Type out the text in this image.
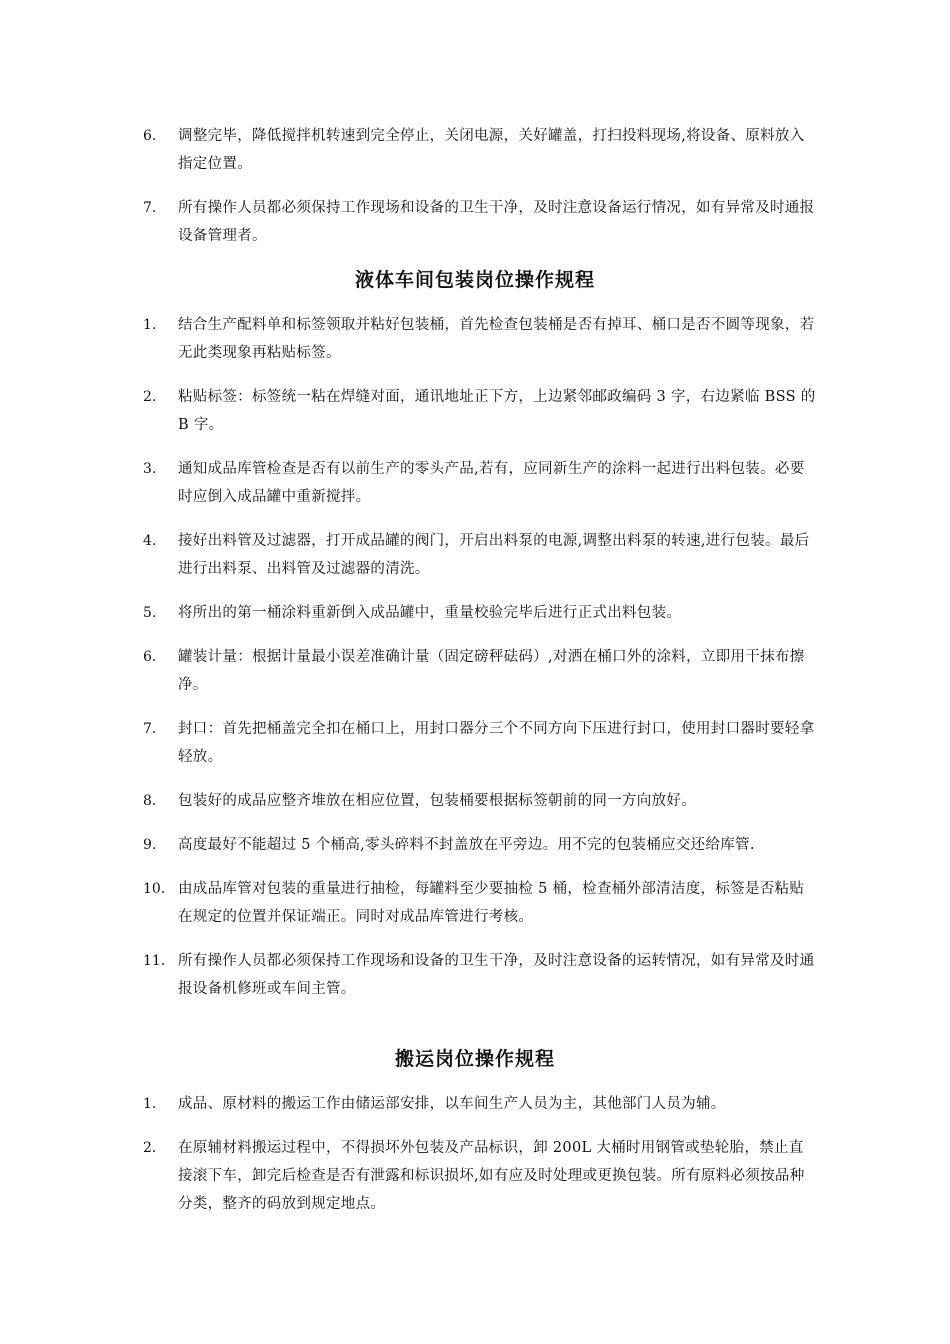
6. 调整完毕，降低搅拌机转速到完全停止，关闭电源，关好罐盖，打扫投料现场,将设备、原料放入指定位置。
7. 所有操作人员都必须保持工作现场和设备的卫生干净，及时注意设备运行情况，如有异常及时通报设备管理者。
液体车间包装岗位操作规程
1. 结合生产配料单和标签领取并粘好包装桶，首先检查包装桶是否有掉耳、桶口是否不圆等现象，若无此类现象再粘贴标签。
2. 粘贴标签：标签统一粘在焊缝对面，通讯地址正下方，上边紧邻邮政编码 3 字，右边紧临 BSS 的 B 字。
3. 通知成品库管检查是否有以前生产的零头产品,若有，应同新生产的涂料一起进行出料包装。必要时应倒入成品罐中重新搅拌。
4. 接好出料管及过滤器，打开成品罐的阀门，开启出料泵的电源,调整出料泵的转速,进行包装。最后进行出料泵、出料管及过滤器的清洗。
5. 将所出的第一桶涂料重新倒入成品罐中，重量校验完毕后进行正式出料包装。
6. 罐装计量：根据计量最小误差准确计量（固定磅秤砝码）,对洒在桶口外的涂料，立即用干抹布擦净。
7. 封口：首先把桶盖完全扣在桶口上，用封口器分三个不同方向下压进行封口，使用封口器时要轻拿轻放。
8. 包装好的成品应整齐堆放在相应位置，包装桶要根据标签朝前的同一方向放好。
9. 高度最好不能超过 5 个桶高,零头碎料不封盖放在平旁边。用不完的包装桶应交还给库管.
10. 由成品库管对包装的重量进行抽检，每罐料至少要抽检 5 桶，检查桶外部清洁度，标签是否粘贴在规定的位置并保证端正。同时对成品库管进行考核。
11. 所有操作人员都必须保持工作现场和设备的卫生干净，及时注意设备的运转情况，如有异常及时通报设备机修班或车间主管。
搬运岗位操作规程
1. 成品、原材料的搬运工作由储运部安排，以车间生产人员为主，其他部门人员为辅。
2. 在原辅材料搬运过程中，不得损坏外包装及产品标识，卸 200L 大桶时用钢管或垫轮胎，禁止直接滚下车，卸完后检查是否有泄露和标识损坏,如有应及时处理或更换包装。所有原料必须按品种分类，整齐的码放到规定地点。
